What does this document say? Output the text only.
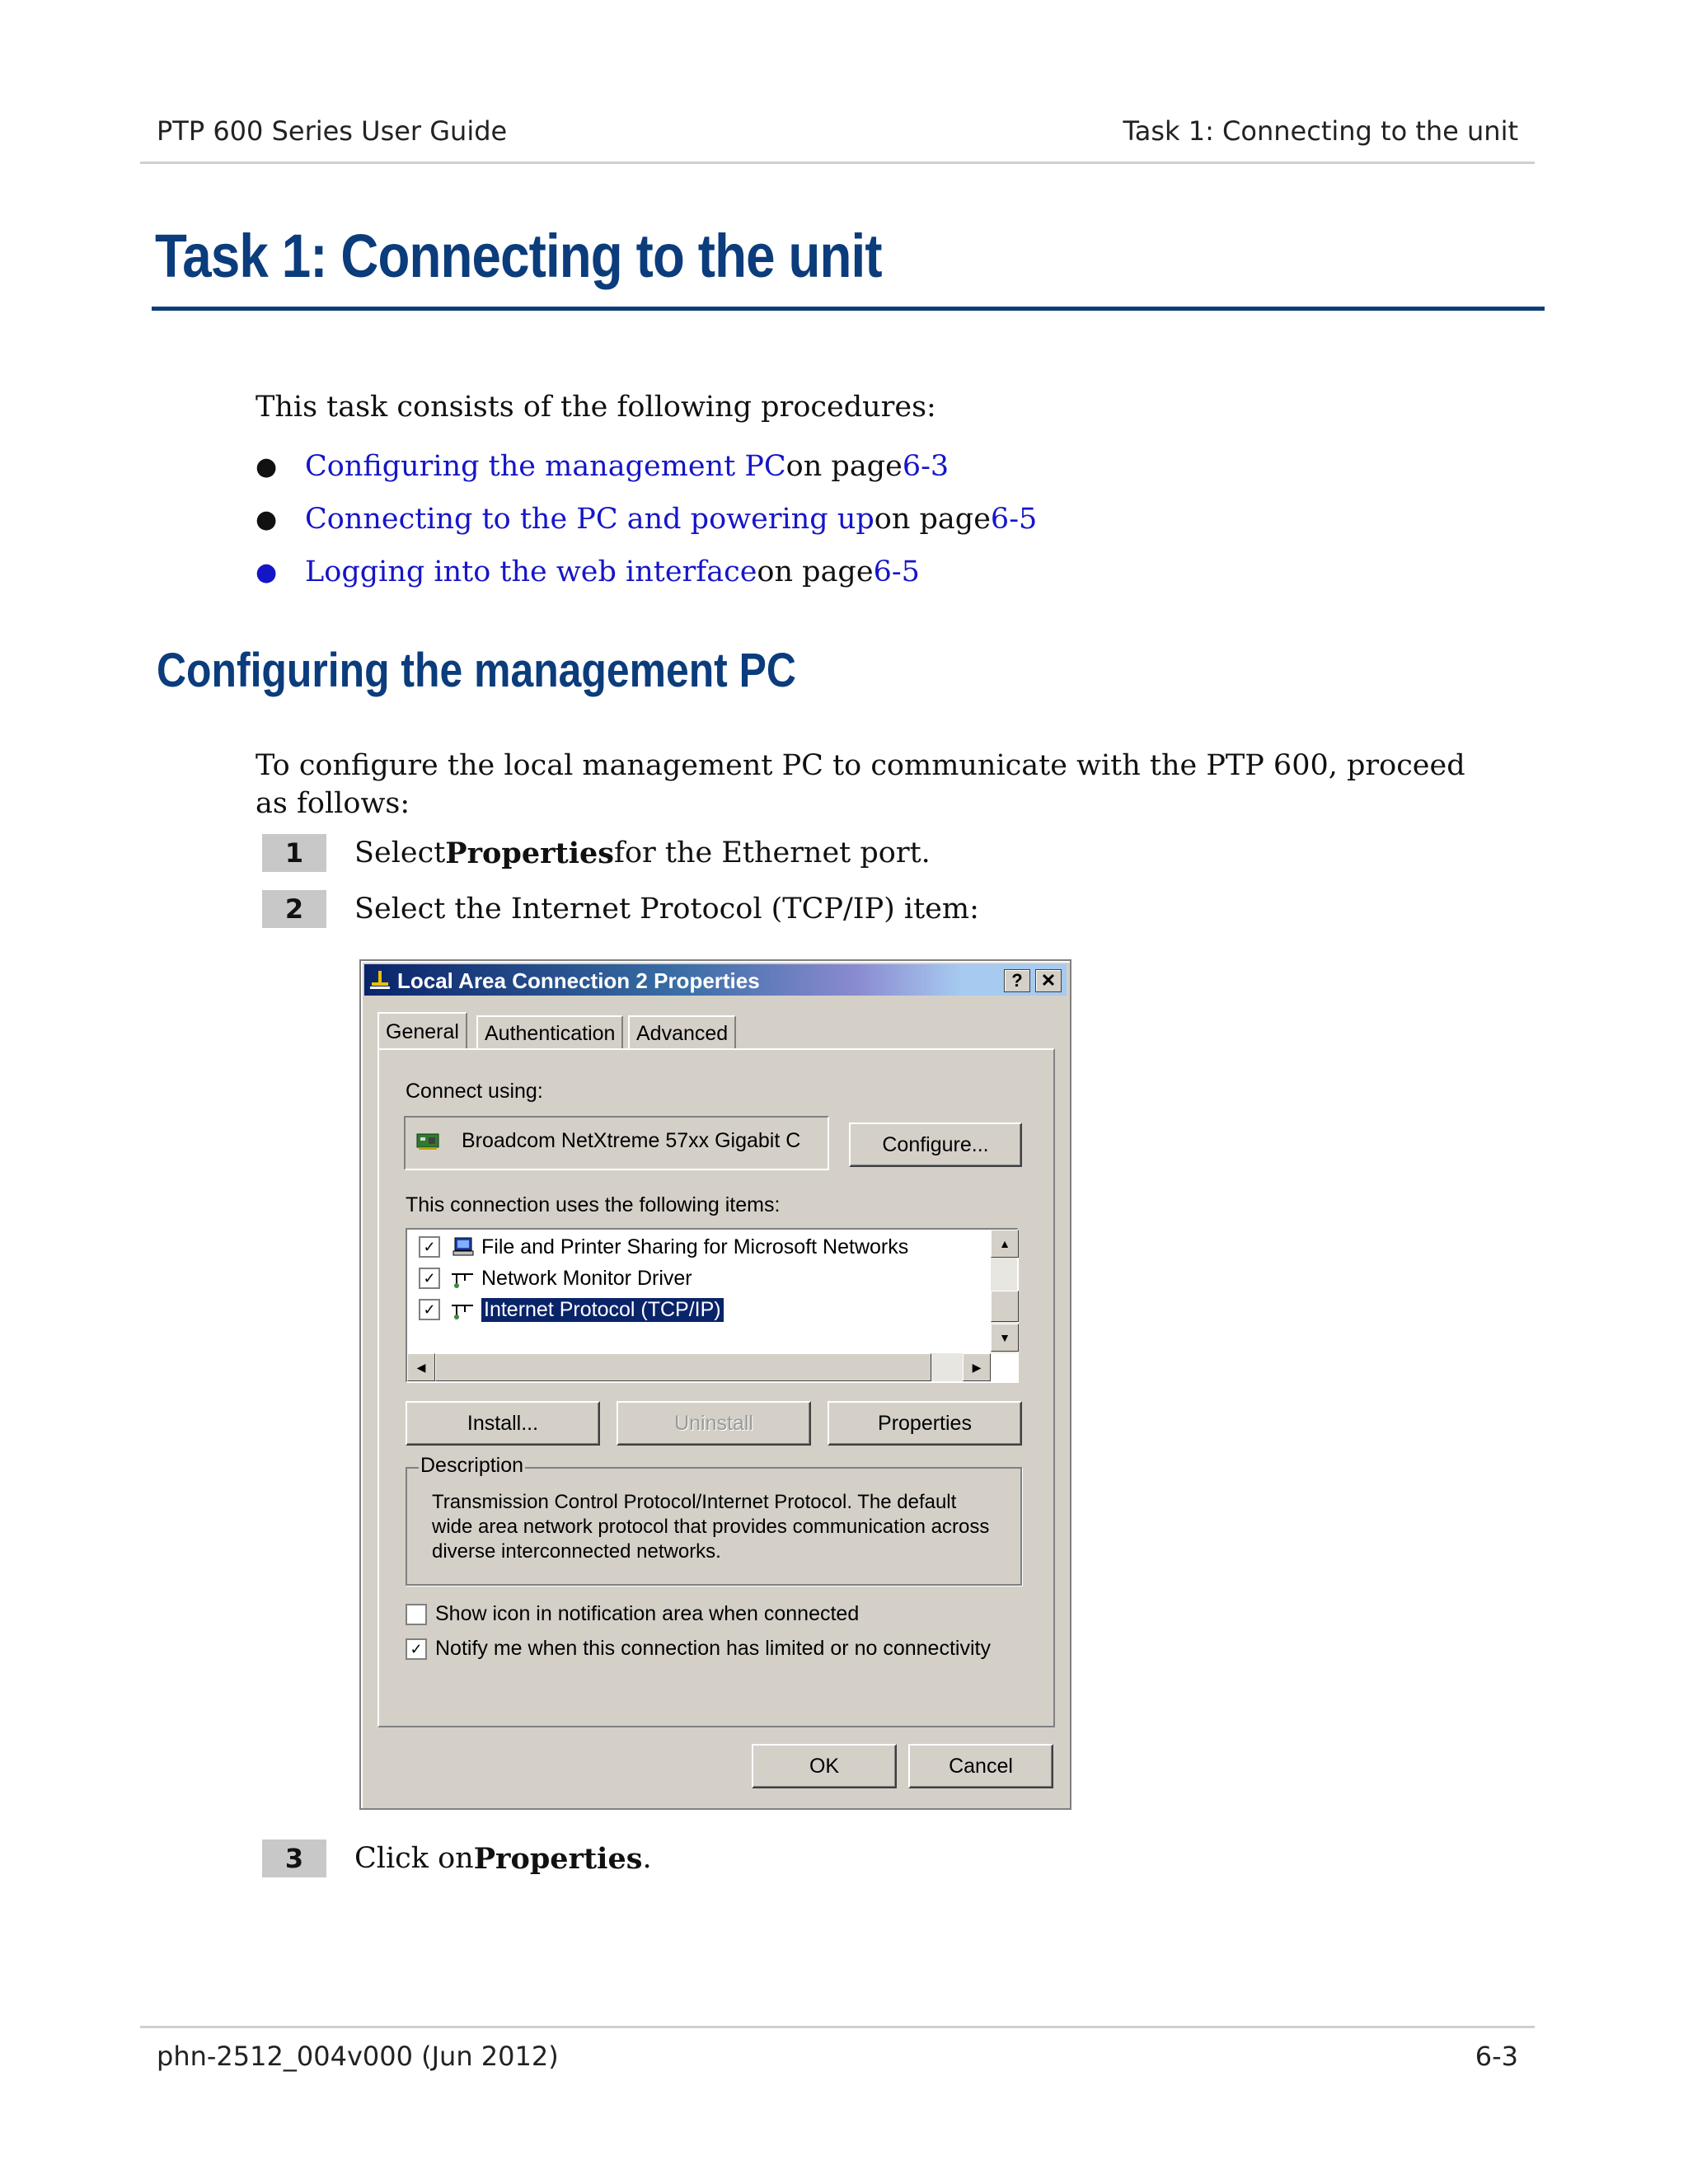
PTP 600 Series User Guide	Task 1: Connecting to the unit
Task 1: Connecting to the unit
This task consists of the following procedures:
● Configuring the management PC on page 6-3
● Connecting to the PC and powering up on page 6-5
● Logging into the web interface on page 6-5
Configuring the management PC
To configure the local management PC to communicate with the PTP 600, proceed as follows:
1	Select Properties for the Ethernet port.
2	Select the Internet Protocol (TCP/IP) item:
Local Area Connection 2 Properties	?	✕
General	Authentication	Advanced
Connect using:
Broadcom NetXtreme 57xx Gigabit C	Configure...
This connection uses the following items:
✓ File and Printer Sharing for Microsoft Networks
✓ Network Monitor Driver
✓ Internet Protocol (TCP/IP)
▲
▼
◀	▶
Install...	Uninstall	Properties
Description
Transmission Control Protocol/Internet Protocol. The default wide area network protocol that provides communication across diverse interconnected networks.
Show icon in notification area when connected
✓ Notify me when this connection has limited or no connectivity
OK	Cancel
3	Click on Properties .
phn-2512_004v000 (Jun 2012)	6-3
